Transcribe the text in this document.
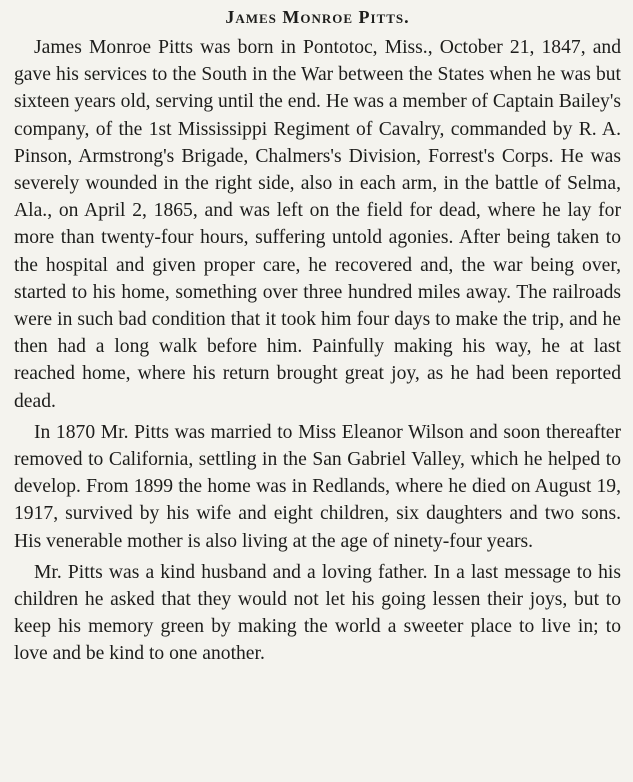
James Monroe Pitts.

James Monroe Pitts was born in Pontotoc, Miss., October 21, 1847, and gave his services to the South in the War between the States when he was but sixteen years old, serving until the end. He was a member of Captain Bailey's company, of the 1st Mississippi Regiment of Cavalry, commanded by R. A. Pinson, Armstrong's Brigade, Chalmers's Division, Forrest's Corps. He was severely wounded in the right side, also in each arm, in the battle of Selma, Ala., on April 2, 1865, and was left on the field for dead, where he lay for more than twenty-four hours, suffering untold agonies. After being taken to the hospital and given proper care, he recovered and, the war being over, started to his home, something over three hundred miles away. The railroads were in such bad condition that it took him four days to make the trip, and he then had a long walk before him. Painfully making his way, he at last reached home, where his return brought great joy, as he had been reported dead.

In 1870 Mr. Pitts was married to Miss Eleanor Wilson and soon thereafter removed to California, settling in the San Gabriel Valley, which he helped to develop. From 1899 the home was in Redlands, where he died on August 19, 1917, survived by his wife and eight children, six daughters and two sons. His venerable mother is also living at the age of ninety-four years.

Mr. Pitts was a kind husband and a loving father. In a last message to his children he asked that they would not let his going lessen their joys, but to keep his memory green by making the world a sweeter place to live in; to love and be kind to one another.
